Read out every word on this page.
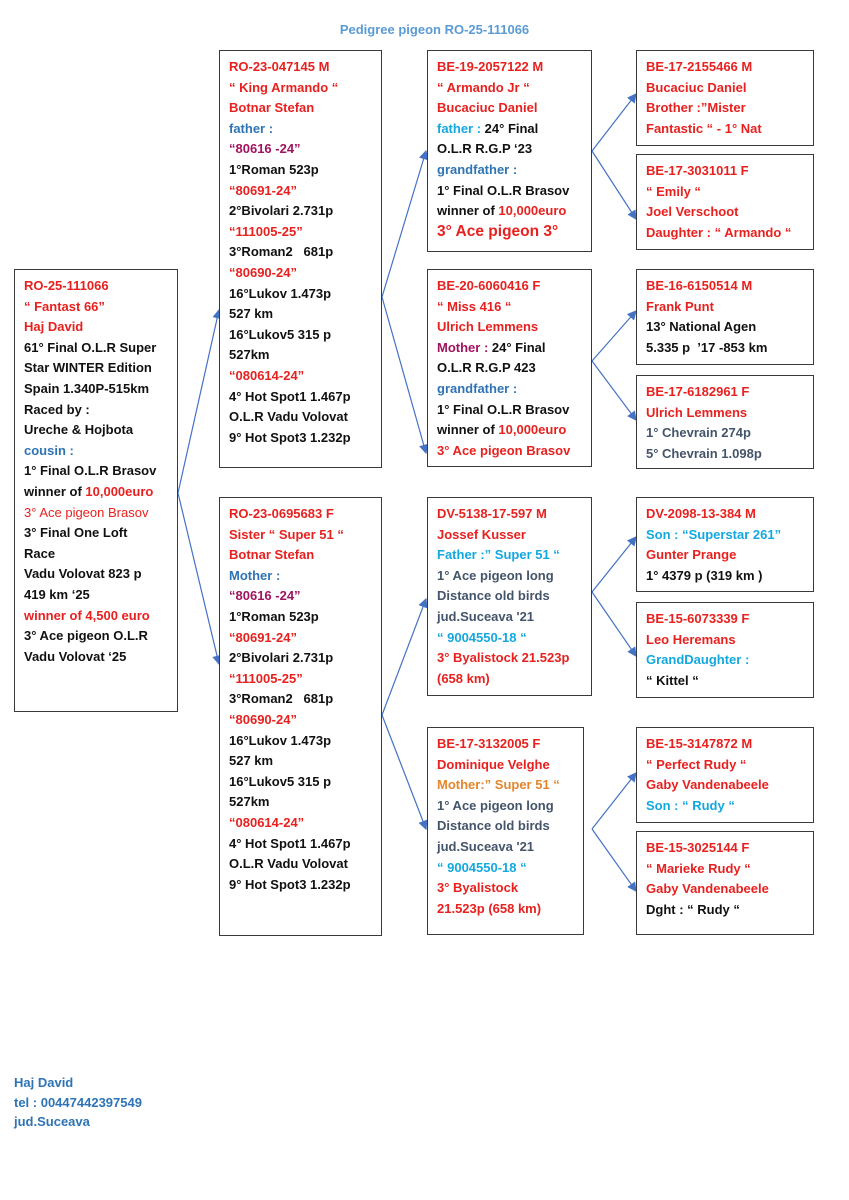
Pedigree pigeon RO-25-111066
RO-25-111066
“ Fantast 66”
Haj David
61° Final O.L.R Super
Star WINTER Edition
Spain 1.340P-515km
Raced by :
Ureche & Hojbota
cousin :
1° Final O.L.R Brasov
winner of 10,000euro
3° Ace pigeon Brasov
3° Final One Loft
Race
Vadu Volovat 823 p
419 km ‘25
winner of 4,500 euro
3° Ace pigeon O.L.R
Vadu Volovat ‘25
RO-23-047145 M
“ King Armando “
Botnar Stefan
father :
“80616 -24”
1°Roman 523p
“80691-24”
2°Bivolari 2.731p
“111005-25”
3°Roman2   681p
“80690-24”
16°Lukov 1.473p
527 km
16°Lukov5 315 p
527km
“080614-24”
4° Hot Spot1 1.467p
O.L.R Vadu Volovat
9° Hot Spot3 1.232p
RO-23-0695683 F
Sister “ Super 51 “
Botnar Stefan
Mother :
“80616 -24”
1°Roman 523p
“80691-24”
2°Bivolari 2.731p
“111005-25”
3°Roman2   681p
“80690-24”
16°Lukov 1.473p
527 km
16°Lukov5 315 p
527km
“080614-24”
4° Hot Spot1 1.467p
O.L.R Vadu Volovat
9° Hot Spot3 1.232p
BE-19-2057122 M
“ Armando Jr “
Bucaciuc Daniel
father : 24° Final
O.L.R R.G.P ‘23
grandfather :
1° Final O.L.R Brasov
winner of 10,000euro
3° Ace pigeon 3°
BE-20-6060416 F
“ Miss 416 “
Ulrich Lemmens
Mother : 24° Final
O.L.R R.G.P 423
grandfather :
1° Final O.L.R Brasov
winner of 10,000euro
3° Ace pigeon Brasov
DV-5138-17-597 M
Jossef Kusser
Father :” Super 51 “
1° Ace pigeon long
Distance old birds
jud.Suceava '21
“ 9004550-18 “
3° Byalistock 21.523p
(658 km)
BE-17-3132005 F
Dominique Velghe
Mother:” Super 51 “
1° Ace pigeon long
Distance old birds
jud.Suceava '21
“ 9004550-18 “
3° Byalistock
21.523p (658 km)
BE-17-2155466 M
Bucaciuc Daniel
Brother :”Mister
Fantastic “ - 1° Nat
BE-17-3031011 F
“ Emily “
Joel Verschoot
Daughter : “ Armando “
BE-16-6150514 M
Frank Punt
13° National Agen
5.335 p  ’17 -853 km
BE-17-6182961 F
Ulrich Lemmens
1° Chevrain 274p
5° Chevrain 1.098p
DV-2098-13-384 M
Son : “Superstar 261”
Gunter Prange
1° 4379 p (319 km )
BE-15-6073339 F
Leo Heremans
GrandDaughter :
“ Kittel “
BE-15-3147872 M
“ Perfect Rudy “
Gaby Vandenabeele
Son : “ Rudy “
BE-15-3025144 F
“ Marieke Rudy “
Gaby Vandenabeele
Dght : “ Rudy “
Haj David
tel : 00447442397549
jud.Suceava
